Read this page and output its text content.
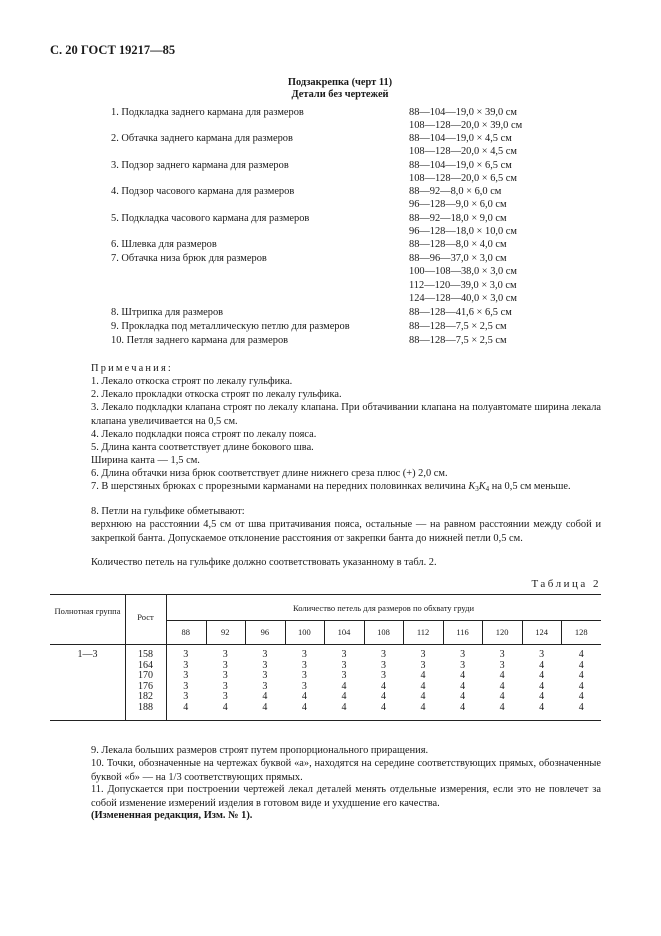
С. 20 ГОСТ 19217—85
Подзакрепка (черт 11)
Детали без чертежей
1. Подкладка заднего кармана для размеров	88—104—19,0 × 39,0 см
108—128—20,0 × 39,0 см
2. Обтачка заднего кармана для размеров	88—104—19,0 × 4,5 см
108—128—20,0 × 4,5 см
3. Подзор заднего кармана для размеров	88—104—19,0 × 6,5 см
108—128—20,0 × 6,5 см
4. Подзор часового кармана для размеров	88—92—8,0 × 6,0 см
96—128—9,0 × 6,0 см
5. Подкладка часового кармана для размеров	88—92—18,0 × 9,0 см
96—128—18,0 × 10,0 см
6. Шлевка для размеров	88—128—8,0 × 4,0 см
7. Обтачка низа брюк для размеров	88—96—37,0 × 3,0 см
100—108—38,0 × 3,0 см
112—120—39,0 × 3,0 см
124—128—40,0 × 3,0 см
8. Штрипка для размеров	88—128—41,6 × 6,5 см
9. Прокладка под металлическую петлю для размеров	88—128—7,5 × 2,5 см
10. Петля заднего кармана для размеров	88—128—7,5 × 2,5 см
Примечания:
1. Лекало откоска строят по лекалу гульфика.
2. Лекало прокладки откоска строят по лекалу гульфика.
3. Лекало подкладки клапана строят по лекалу клапана. При обтачивании клапана на полуавтомате ширина лекала клапана увеличивается на 0,5 см.
4. Лекало подкладки пояса строят по лекалу пояса.
5. Длина канта соответствует длине бокового шва.
Ширина канта — 1,5 см.
6. Длина обтачки низа брюк соответствует длине нижнего среза плюс (+) 2,0 см.
7. В шерстяных брюках с прорезными карманами на передних половинках величина $К_3К_4$ на 0,5 см меньше.
8. Петли на гульфике обметывают:
верхнюю на расстоянии 4,5 см от шва притачивания пояса, остальные — на равном расстоянии между собой и закрепкой банта. Допускаемое отклонение расстояния от закрепки банта до нижней петли 0,5 см.
Количество петель на гульфике должно соответствовать указанному в табл. 2.
Таблица 2
Полнотная группа
Рост
Количество петель для размеров по обхвату груди
88	92	96	100	104	108	112	116	120	124	128
1—3	158	3	3	3	3	3	3	3	3	3	3	4
164	3	3	3	3	3	3	3	3	3	4	4
170	3	3	3	3	3	3	4	4	4	4	4
176	3	3	3	3	4	4	4	4	4	4	4
182	3	3	4	4	4	4	4	4	4	4	4
188	4	4	4	4	4	4	4	4	4	4	4
9. Лекала больших размеров строят путем пропорционального приращения.
10. Точки, обозначенные на чертежах буквой «а», находятся на середине соответствующих прямых, обозначенные буквой «б» — на 1/3 соответствующих прямых.
11. Допускается при построении чертежей лекал деталей менять отдельные измерения, если это не повлечет за собой изменение измерений изделия в готовом виде и ухудшение его качества.
(Измененная редакция, Изм. № 1).
